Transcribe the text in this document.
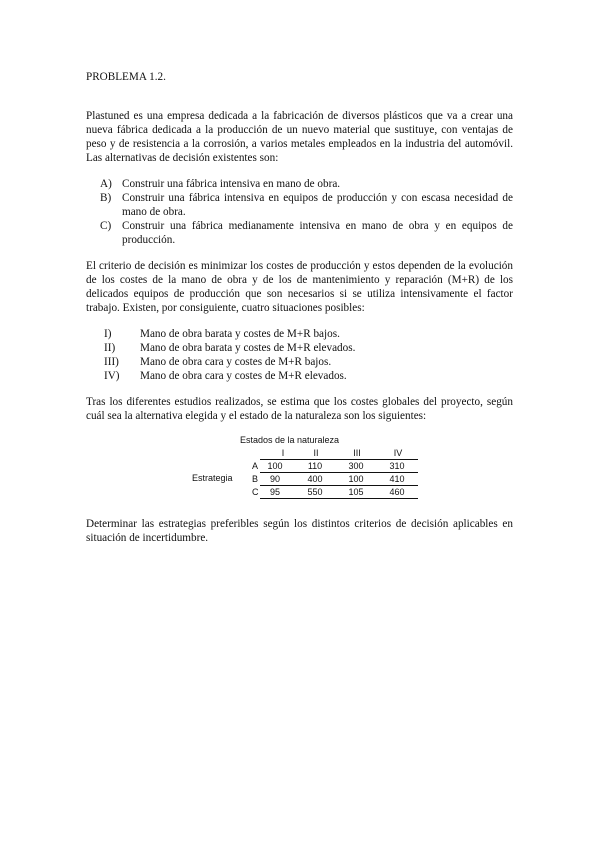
PROBLEMA 1.2.

Plastuned es una empresa dedicada a la fabricación de diversos plásticos que va a crear una nueva fábrica dedicada a la producción de un nuevo material que sustituye, con ventajas de peso y de resistencia a la corrosión, a varios metales empleados en la industria del automóvil. Las alternativas de decisión existentes son:

A) Construir una fábrica intensiva en mano de obra.
B) Construir una fábrica intensiva en equipos de producción y con escasa necesidad de mano de obra.
C) Construir una fábrica medianamente intensiva en mano de obra y en equipos de producción.

El criterio de decisión es minimizar los costes de producción y estos dependen de la evolución de los costes de la mano de obra y de los de mantenimiento y reparación (M+R) de los delicados equipos de producción que son necesarios si se utiliza intensivamente el factor trabajo. Existen, por consiguiente, cuatro situaciones posibles:

I)	Mano de obra barata y costes de M+R bajos.
II)	Mano de obra barata y costes de M+R elevados.
III)	Mano de obra cara y costes de M+R bajos.
IV)	Mano de obra cara y costes de M+R elevados.

Tras los diferentes estudios realizados, se estima que los costes globales del proyecto, según cuál sea la alternativa elegida y el estado de la naturaleza son los siguientes:

Estados de la naturaleza
I	II	III	IV
Estrategia
A	100	110	300	310
B	90	400	100	410
C	95	550	105	460

Determinar las estrategias preferibles según los distintos criterios de decisión aplicables en situación de incertidumbre.
